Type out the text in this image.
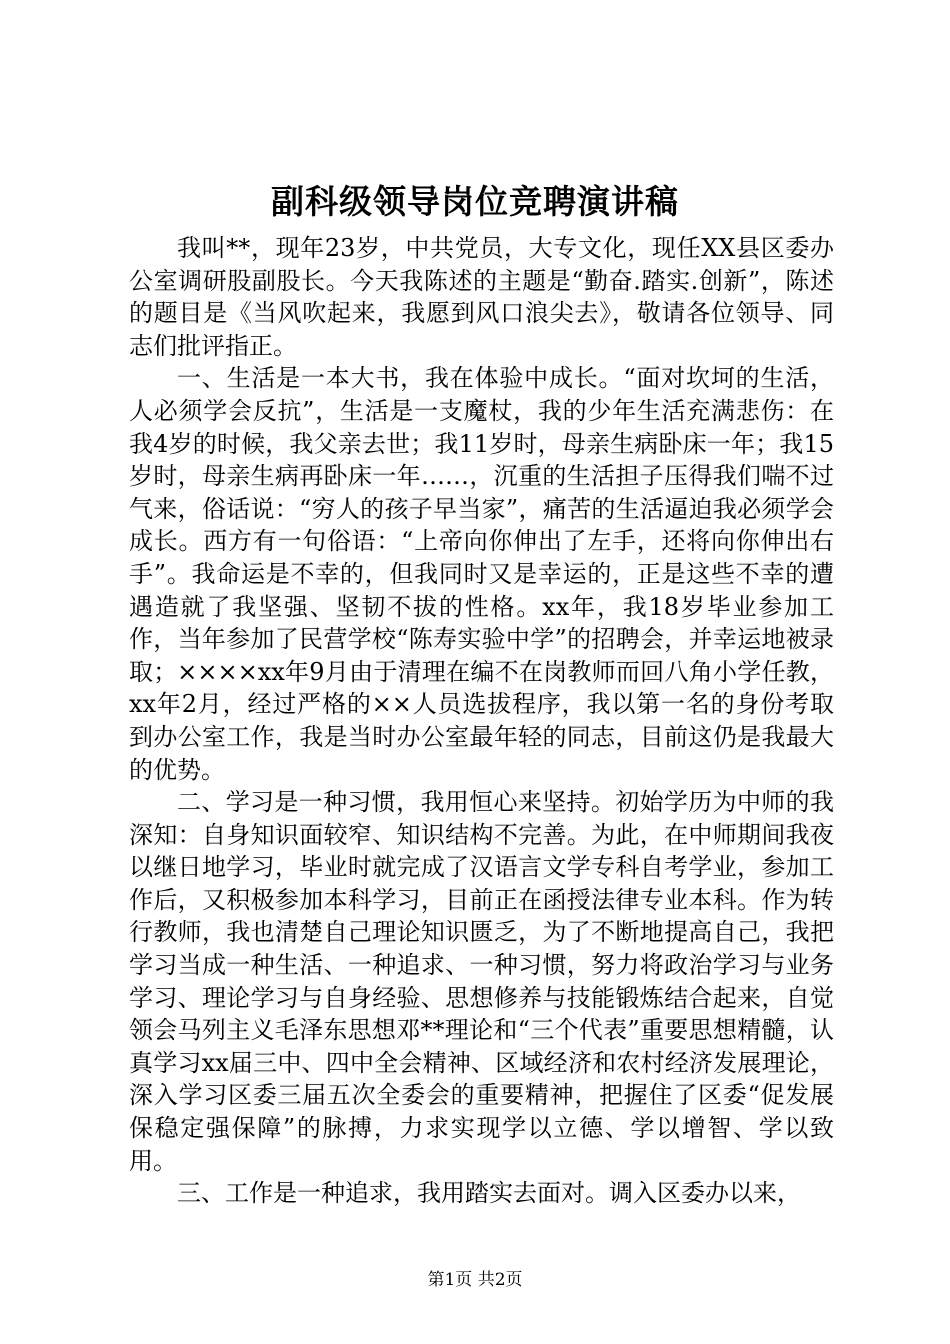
副科级领导岗位竞聘演讲稿

我叫**，现年23岁，中共党员，大专文化，现任XX县区委办公室调研股副股长。今天我陈述的主题是“勤奋.踏实.创新”，陈述的题目是《当风吹起来，我愿到风口浪尖去》，敬请各位领导、同志们批评指正。

一、生活是一本大书，我在体验中成长。“面对坎坷的生活，人必须学会反抗”，生活是一支魔杖，我的少年生活充满悲伤：在我4岁的时候，我父亲去世；我11岁时，母亲生病卧床一年；我15岁时，母亲生病再卧床一年……，沉重的生活担子压得我们喘不过气来，俗话说：“穷人的孩子早当家”，痛苦的生活逼迫我必须学会成长。西方有一句俗语：“上帝向你伸出了左手，还将向你伸出右手”。我命运是不幸的，但我同时又是幸运的，正是这些不幸的遭遇造就了我坚强、坚韧不拔的性格。xx年，我18岁毕业参加工作，当年参加了民营学校“陈寿实验中学”的招聘会，并幸运地被录取；××××xx年9月由于清理在编不在岗教师而回八角小学任教，xx年2月，经过严格的××人员选拔程序，我以第一名的身份考取到办公室工作，我是当时办公室最年轻的同志，目前这仍是我最大的优势。

二、学习是一种习惯，我用恒心来坚持。初始学历为中师的我深知：自身知识面较窄、知识结构不完善。为此，在中师期间我夜以继日地学习，毕业时就完成了汉语言文学专科自考学业，参加工作后，又积极参加本科学习，目前正在函授法律专业本科。作为转行教师，我也清楚自己理论知识匮乏，为了不断地提高自己，我把学习当成一种生活、一种追求、一种习惯，努力将政治学习与业务学习、理论学习与自身经验、思想修养与技能锻炼结合起来，自觉领会马列主义毛泽东思想邓**理论和“三个代表”重要思想精髓，认真学习xx届三中、四中全会精神、区域经济和农村经济发展理论，深入学习区委三届五次全委会的重要精神，把握住了区委“促发展保稳定强保障”的脉搏，力求实现学以立德、学以增智、学以致用。

三、工作是一种追求，我用踏实去面对。调入区委办以来，

第1页 共2页
